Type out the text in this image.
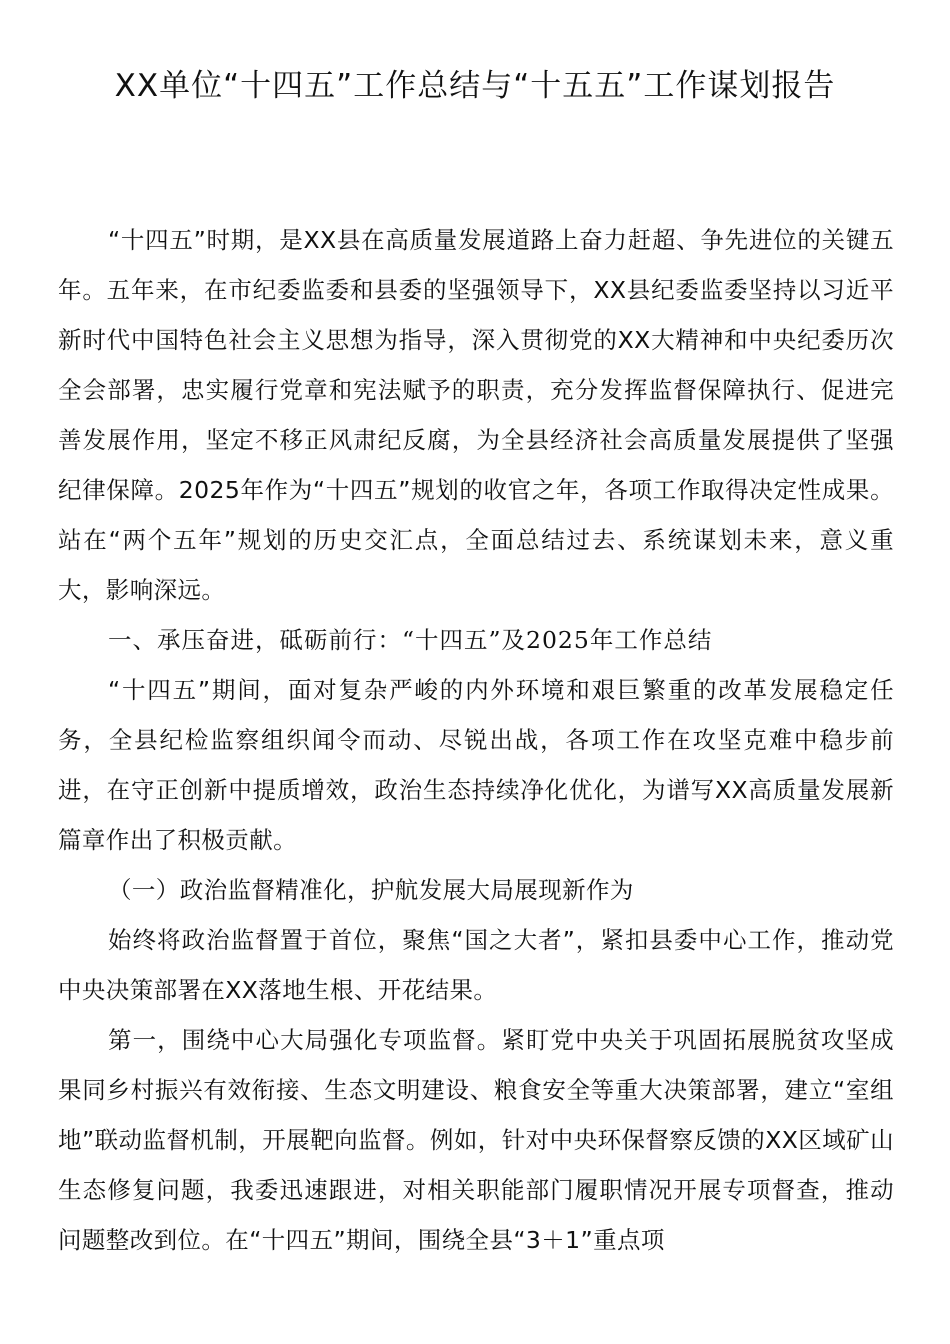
XX单位“十四五”工作总结与“十五五”工作谋划报告

“十四五”时期，是XX县在高质量发展道路上奋力赶超、争先进位的关键五年。五年来，在市纪委监委和县委的坚强领导下，XX县纪委监委坚持以习近平新时代中国特色社会主义思想为指导，深入贯彻党的XX大精神和中央纪委历次全会部署，忠实履行党章和宪法赋予的职责，充分发挥监督保障执行、促进完善发展作用，坚定不移正风肃纪反腐，为全县经济社会高质量发展提供了坚强纪律保障。2025年作为“十四五”规划的收官之年，各项工作取得决定性成果。站在“两个五年”规划的历史交汇点，全面总结过去、系统谋划未来，意义重大，影响深远。

一、承压奋进，砥砺前行：“十四五”及2025年工作总结

“十四五”期间，面对复杂严峻的内外环境和艰巨繁重的改革发展稳定任务，全县纪检监察组织闻令而动、尽锐出战，各项工作在攻坚克难中稳步前进，在守正创新中提质增效，政治生态持续净化优化，为谱写XX高质量发展新篇章作出了积极贡献。

（一）政治监督精准化，护航发展大局展现新作为

始终将政治监督置于首位，聚焦“国之大者”，紧扣县委中心工作，推动党中央决策部署在XX落地生根、开花结果。

第一，围绕中心大局强化专项监督。紧盯党中央关于巩固拓展脱贫攻坚成果同乡村振兴有效衔接、生态文明建设、粮食安全等重大决策部署，建立“室组地”联动监督机制，开展靶向监督。例如，针对中央环保督察反馈的XX区域矿山生态修复问题，我委迅速跟进，对相关职能部门履职情况开展专项督查，推动问题整改到位。在“十四五”期间，围绕全县“3＋1”重点项
